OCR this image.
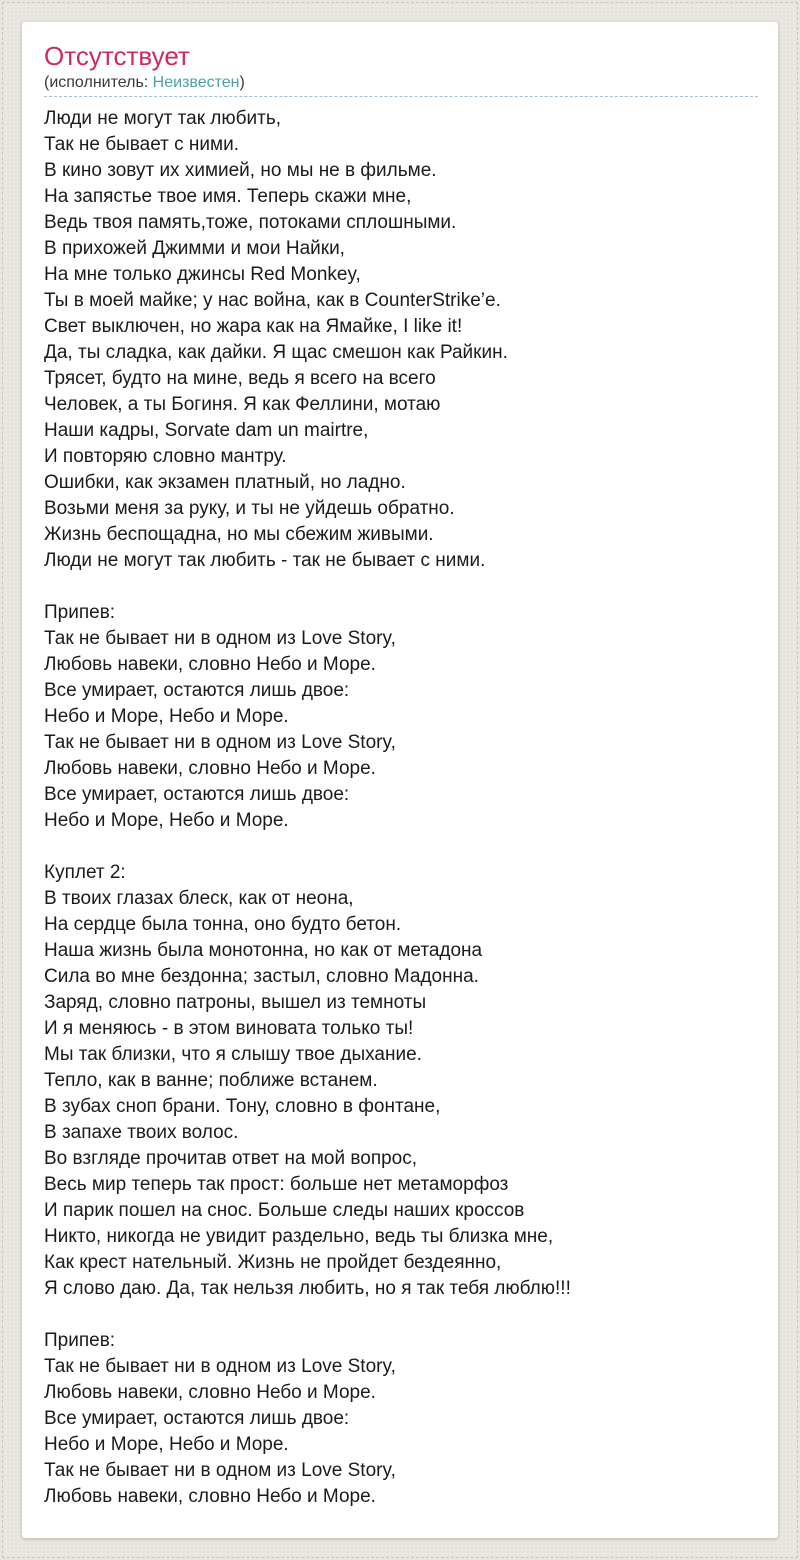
Отсутствует
(исполнитель: Неизвестен)
Люди не могут так любить,
Так не бывает с ними.
В кино зовут их химией, но мы не в фильме.
На запястье твое имя. Теперь скажи мне,
Ведь твоя память,тоже, потоками сплошными.
В прихожей Джимми и мои Найки,
На мне только джинсы Red Monkey,
Ты в моей майке; у нас война, как в CounterStrike’е.
Свет выключен, но жара как на Ямайке, I like it!
Да, ты сладка, как дайки. Я щас смешон как Райкин.
Трясет, будто на мине, ведь я всего на всего
Человек, а ты Богиня. Я как Феллини, мотаю
Наши кадры, Sorvate dam un mairtre,
И повторяю словно мантру.
Ошибки, как экзамен платный, но ладно.
Возьми меня за руку, и ты не уйдешь обратно.
Жизнь беспощадна, но мы сбежим живыми.
Люди не могут так любить - так не бывает с ними.

Припев:
Так не бывает ни в одном из Love Story,
Любовь навеки, словно Небо и Море.
Все умирает, остаются лишь двое:
Небо и Море, Небо и Море.
Так не бывает ни в одном из Love Story,
Любовь навеки, словно Небо и Море.
Все умирает, остаются лишь двое:
Небо и Море, Небо и Море.

Куплет 2:
В твоих глазах блеск, как от неона,
На сердце была тонна, оно будто бетон.
Наша жизнь была монотонна, но как от метадона
Сила во мне бездонна; застыл, словно Мадонна.
Заряд, словно патроны, вышел из темноты
И я меняюсь - в этом виновата только ты!
Мы так близки, что я слышу твое дыхание.
Тепло, как в ванне; поближе встанем.
В зубах сноп брани. Тону, словно в фонтане,
В запахе твоих волос.
Во взгляде прочитав ответ на мой вопрос,
Весь мир теперь так прост: больше нет метаморфоз
И парик пошел на снос. Больше следы наших кроссов
Никто, никогда не увидит раздельно, ведь ты близка мне,
Как крест нательный. Жизнь не пройдет бездеянно,
Я слово даю. Да, так нельзя любить, но я так тебя люблю!!!

Припев:
Так не бывает ни в одном из Love Story,
Любовь навеки, словно Небо и Море.
Все умирает, остаются лишь двое:
Небо и Море, Небо и Море.
Так не бывает ни в одном из Love Story,
Любовь навеки, словно Небо и Море.
